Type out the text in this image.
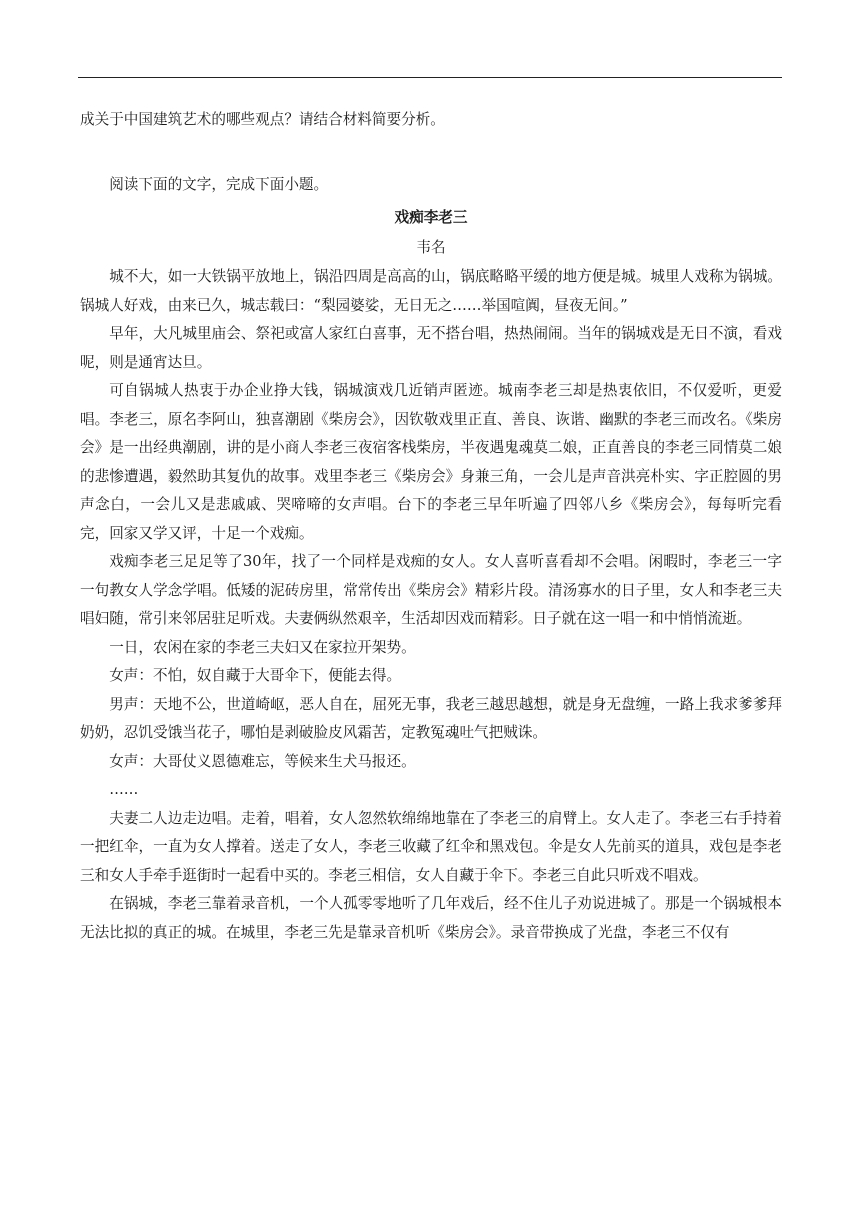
成关于中国建筑艺术的哪些观点？请结合材料简要分析。

阅读下面的文字，完成下面小题。

戏痴李老三

韦名

城不大，如一大铁锅平放地上，锅沿四周是高高的山，锅底略略平缓的地方便是城。城里人戏称为锅城。锅城人好戏，由来已久，城志载曰：“梨园婆娑，无日无之……举国喧阗，昼夜无间。”

早年，大凡城里庙会、祭祀或富人家红白喜事，无不搭台唱，热热闹闹。当年的锅城戏是无日不演，看戏呢，则是通宵达旦。

可自锅城人热衷于办企业挣大钱，锅城演戏几近销声匿迹。城南李老三却是热衷依旧，不仅爱听，更爱唱。李老三，原名李阿山，独喜潮剧《柴房会》，因钦敬戏里正直、善良、诙谐、幽默的李老三而改名。《柴房会》是一出经典潮剧，讲的是小商人李老三夜宿客栈柴房，半夜遇鬼魂莫二娘，正直善良的李老三同情莫二娘的悲惨遭遇，毅然助其复仇的故事。戏里李老三《柴房会》身兼三角，一会儿是声音洪亮朴实、字正腔圆的男声念白，一会儿又是悲戚戚、哭啼啼的女声唱。台下的李老三早年听遍了四邻八乡《柴房会》，每每听完看完，回家又学又评，十足一个戏痴。

戏痴李老三足足等了30年，找了一个同样是戏痴的女人。女人喜听喜看却不会唱。闲暇时，李老三一字一句教女人学念学唱。低矮的泥砖房里，常常传出《柴房会》精彩片段。清汤寡水的日子里，女人和李老三夫唱妇随，常引来邻居驻足听戏。夫妻俩纵然艰辛，生活却因戏而精彩。日子就在这一唱一和中悄悄流逝。

一日，农闲在家的李老三夫妇又在家拉开架势。

女声：不怕，奴自藏于大哥伞下，便能去得。

男声：天地不公，世道崎岖，恶人自在，屈死无事，我老三越思越想，就是身无盘缠，一路上我求爹爹拜奶奶，忍饥受饿当花子，哪怕是剥破脸皮风霜苦，定教冤魂吐气把贼诛。

女声：大哥仗义恩德难忘，等候来生犬马报还。

……

夫妻二人边走边唱。走着，唱着，女人忽然软绵绵地靠在了李老三的肩臂上。女人走了。李老三右手持着一把红伞，一直为女人撑着。送走了女人，李老三收藏了红伞和黑戏包。伞是女人先前买的道具，戏包是李老三和女人手牵手逛街时一起看中买的。李老三相信，女人自藏于伞下。李老三自此只听戏不唱戏。

在锅城，李老三靠着录音机，一个人孤零零地听了几年戏后，经不住儿子劝说进城了。那是一个锅城根本无法比拟的真正的城。在城里，李老三先是靠录音机听《柴房会》。录音带换成了光盘，李老三不仅有
